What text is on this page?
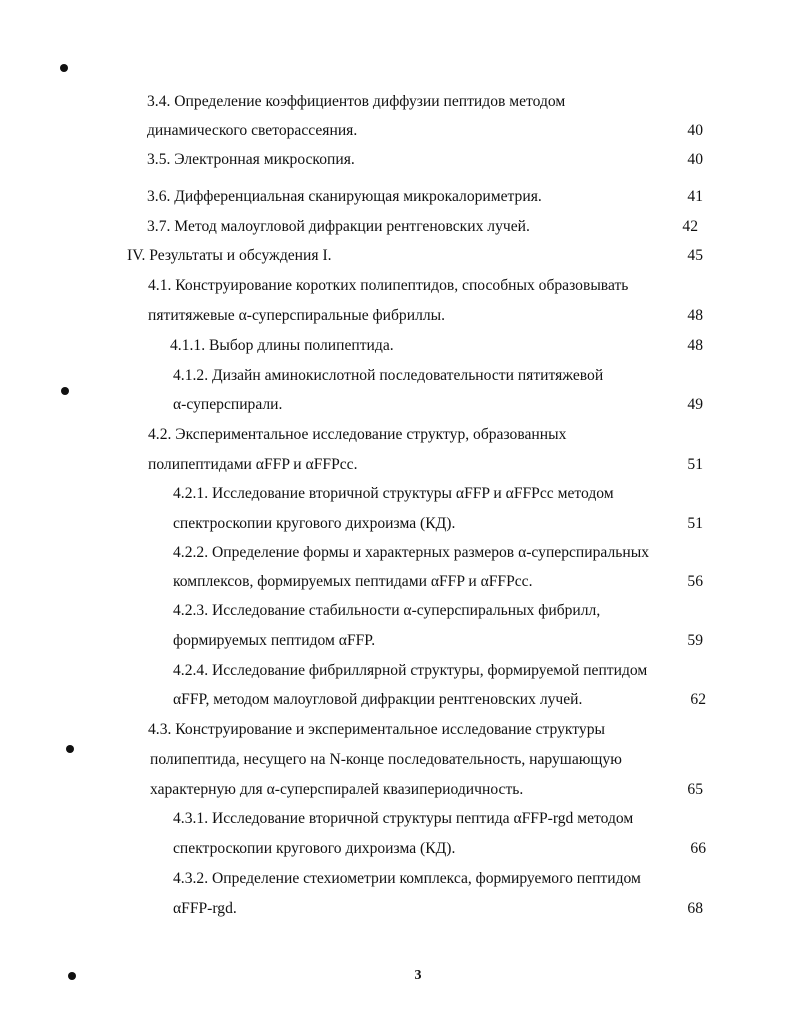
3.4. Определение коэффициентов диффузии пептидов методом
динамического светорассеяния.	40
3.5. Электронная микроскопия.	40
3.6. Дифференциальная сканирующая микрокалориметрия.	41
3.7. Метод малоугловой дифракции рентгеновских лучей.	42
IV. Результаты и обсуждения I.	45
4.1. Конструирование коротких полипептидов, способных образовывать
пятитяжевые α-суперспиральные фибриллы.	48
4.1.1. Выбор длины полипептида.	48
4.1.2. Дизайн аминокислотной последовательности пятитяжевой
α-суперспирали.	49
4.2. Экспериментальное исследование структур, образованных
полипептидами αFFP и αFFPcc.	51
4.2.1. Исследование вторичной структуры αFFP и αFFPcc методом
спектроскопии кругового дихроизма (КД).	51
4.2.2. Определение формы и характерных размеров α-суперспиральных
комплексов, формируемых пептидами αFFP и αFFPcc.	56
4.2.3. Исследование стабильности α-суперспиральных фибрилл,
формируемых пептидом αFFP.	59
4.2.4. Исследование фибриллярной структуры, формируемой пептидом
αFFP, методом малоугловой дифракции рентгеновских лучей.	62
4.3. Конструирование и экспериментальное исследование структуры
полипептида, несущего на N-конце последовательность, нарушающую
характерную для α-суперспиралей квазипериодичность.	65
4.3.1. Исследование вторичной структуры пептида αFFP-rgd методом
спектроскопии кругового дихроизма (КД).	66
4.3.2. Определение стехиометрии комплекса, формируемого пептидом
αFFP-rgd.	68
3
